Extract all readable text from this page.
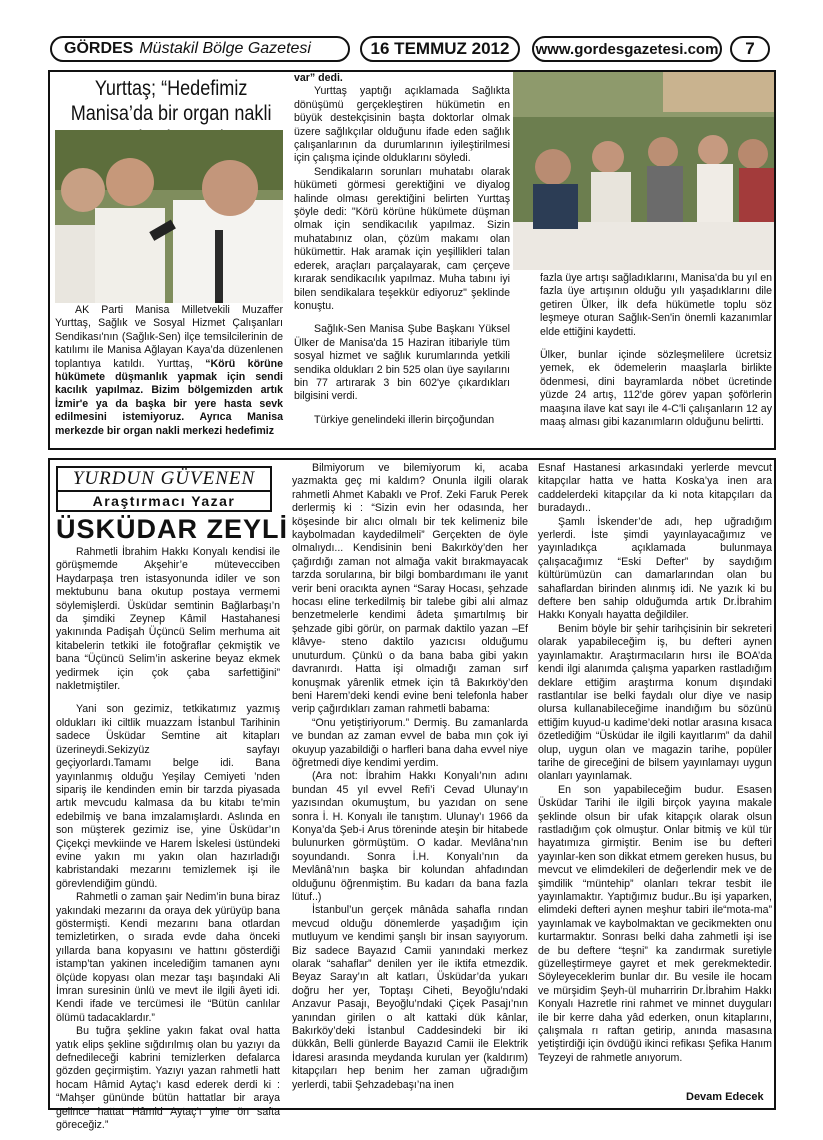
GÖRDES Müstakil Bölge Gazetesi	16 TEMMUZ 2012	www.gordesgazetesi.com	7
Yurttaş; “Hedefimiz Manisa’da bir organ nakli

AK Parti Manisa Milletvekili Muzaffer Yurttaş, Sağlık ve Sosyal Hizmet Çalışanları Sendikası'nın (Sağlık-Sen) ilçe temsilcilerinin de katılımı ile Manisa Ağlayan Kaya’da düzenlenen toplantıya katıldı. Yurttaş, “Körü körüne hükümete düşmanlık yapmak için sendi kacılık yapılmaz. Bizim bölgemizden artık İzmir'e ya da başka bir yere hasta sevk edilmesini istemiyoruz. Ayrıca Manisa merkezde bir organ nakli merkezi hedefimiz

var” dedi.

Yurttaş yaptığı açıklamada Sağlıkta dönüşümü gerçekleştiren hükümetin en büyük destekçisinin başta doktorlar olmak üzere sağlıkçılar olduğunu ifade eden sağlık çalışanlarının da durumlarının iyileştirilmesi için çalışma içinde olduklarını söyledi.

Sendikaların sorunları muhatabı olarak hükümeti görmesi gerektiğini ve diyalog halinde olması gerektiğini belirten Yurttaş şöyle dedi: "Körü körüne hükümete düşman olmak için sendikacılık yapılmaz. Sizin muhatabınız olan, çözüm makamı olan hükümettir. Hak aramak için yeşillikleri talan ederek, araçları parçalayarak, cam çerçeve kırarak sendikacılık yapılmaz. Muha tabını iyi bilen sendikalara teşekkür ediyoruz" şeklinde konuştu.

Sağlık-Sen Manisa Şube Başkanı Yüksel Ülker de Manisa'da 15 Haziran itibariyle tüm sosyal hizmet ve sağlık kurumlarında yetkili sendika oldukları 2 bin 525 olan üye sayılarını bin 77 artırarak 3 bin 602'ye çıkardıkları bilgisini verdi.

Türkiye genelindeki illerin birçoğundan

fazla üye artışı sağladıklarını, Manisa'da bu yıl en fazla üye artışının olduğu yılı yaşadıklarını dile getiren Ülker, İlk defa hükümetle toplu söz leşmeye oturan Sağlık-Sen'in önemli kazanımlar elde ettiğini kaydetti.

Ülker, bunlar içinde sözleşmelilere ücretsiz yemek, ek ödemelerin maaşlarla birlikte ödenmesi, dini bayramlarda nöbet ücretinde yüzde 24 artış, 112'de görev yapan şoförlerin maaşına ilave kat sayı ile 4-C'li çalışanların 12 ay maaş alması gibi kazanımların olduğunu belirtti.

YURDUN GÜVENEN
Araştırmacı Yazar
ÜSKÜDAR ZEYLİ

Rahmetli İbrahim Hakkı Konyalı kendisi ile görüşmemde Akşehir’e mütevecciben Haydarpaşa tren istasyonunda idiler ve son mektubunu bana okutup postaya vermemi söylemişlerdi. Üsküdar semtinin Bağlarbaşı’n da şimdiki Zeynep Kâmil Hastahanesi yakınında Padişah Üçüncü Selim merhuma ait kitabelerin tetkiki ile fotoğraflar çekmiştik ve bana “Üçüncü Selim’in askerine beyaz ekmek yedirmek için çok çaba sarfettiğini” nakletmiştiler.

Yani son gezimiz, tetkikatımız yazmış oldukları iki ciltlik muazzam İstanbul Tarihinin sadece Üsküdar Semtine ait kitapları üzerineydi.Sekizyüz sayfayı geçiyorlardı.Tamamı belge idi. Bana yayınlanmış olduğu Yeşilay Cemiyeti ’nden sipariş ile kendinden emin bir tarzda piyasada artık mevcudu kalmasa da bu kitabı te’min edebilmiş ve bana imzalamışlardı. Aslında en son müşterek gezimiz ise, yine Üsküdar’ın Çiçekçi mevkiinde ve Harem İskelesi üstündeki evine yakın mı yakın olan hazırladığı kabristandaki mezarını temizlemek işi ile görevlendiğim gündü.

Rahmetli o zaman şair Nedim’in buna biraz yakındaki mezarını da oraya dek yürüyüp bana göstermişti. Kendi mezarını bana otlardan temizletirken, o sırada evde daha önceki yıllarda bana kopyasını ve hattını gösterdiği istamp’tan yakinen incelediğim tamanen aynı ölçüde kopyası olan mezar taşı başındaki Ali İmran suresinin ünlü ve mevt ile ilgili âyeti idi. Kendi ifade ve tercümesi ile “Bütün canlılar ölümü tadacaklardır.”

Bu tuğra şekline yakın fakat oval hatta yatık elips şekline sığdırılmış olan bu yazıyı da defnedileceği kabrini temizlerken defalarca gözden geçirmiştim. Yazıyı yazan rahmetli hatt hocam Hâmid Aytaç’ı kasd ederek derdi ki : “Mahşer gününde bütün hattatlar bir araya gelince hattat Hâmid Aytaç’ı yine ön safta göreceğiz.”

Bilmiyorum ve bilemiyorum ki, acaba yazmakta geç mi kaldım? Onunla ilgili olarak rahmetli Ahmet Kabaklı ve Prof. Zeki Faruk Perek derlermiş ki : “Sizin evin her odasında, her köşesinde bir alıcı olmalı bir tek kelimeniz bile kaybolmadan kaydedilmeli” Gerçekten de öyle olmalıydı... Kendisinin beni Bakırköy’den her çağırdığı zaman not almağa vakit bırakmayacak tarzda sorularına, bir bilgi bombardımanı ile yanıt verir beni oracıkta aynen “Saray Hocası, şehzade hocası eline terkedilmiş bir talebe gibi alıi almaz benzetmelerle kendimi âdeta şımartılmış bir şehzade gibi görür, on parmak daktilo yazan –Ef klâvye- steno daktilo yazıcısı olduğumu unuturdum. Çünkü o da bana baba gibi yakın davranırdı. Hatta işi olmadığı zaman sırf konuşmak yârenlik etmek için tâ Bakırköy’den beni Harem’deki kendi evine beni telefonla haber verip çağırdıkları zaman rahmetli babama:

“Onu yetiştiriyorum.” Dermiş. Bu zamanlarda ve bundan az zaman evvel de baba mın çok iyi okuyup yazabildiği o harfleri bana daha evvel niye öğretmedi diye kendimi yerdim.

(Ara not: İbrahim Hakkı Konyalı’nın adını bundan 45 yıl evvel Refi’i Cevad Ulunay’ın yazısından okumuştum, bu yazıdan on sene sonra İ. H. Konyalı ile tanıştım. Ulunay’ı 1966 da Konya’da Şeb-i Arus töreninde ateşin bir hitabede bulunurken görmüştüm. O kadar. Mevlâna’nın soyundandı. Sonra İ.H. Konyalı’nın da Mevlânâ’nın başka bir kolundan ahfadından olduğunu öğrenmiştim. Bu kadarı da bana fazla lütuf..)

İstanbul’un gerçek mânâda sahafla rından mevcud olduğu dönemlerde yaşadığım için mutluyum ve kendimi şanşlı bir insan sayıyorum. Biz sadece Bayazıd Camii yanındaki merkez olarak “sahaflar” denilen yer ile iktifa etmezdik. Beyaz Saray’ın alt katları, Üsküdar’da yukarı doğru her yer, Toptaşı Ciheti, Beyoğlu’ndaki Anzavur Pasajı, Beyoğlu’ndaki Çiçek Pasajı’nın yanından girilen o alt kattaki dük kânlar, Bakırköy’deki İstanbul Caddesindeki bir iki dükkân, Belli günlerde Bayazıd Camii ile Elektrik İdaresi arasında meydanda kurulan yer (kaldırım) kitapçıları hep benim her zaman uğradığım yerlerdi, tabii Şehzadebaşı’na inen

Esnaf Hastanesi arkasındaki yerlerde mevcut kitapçılar hatta ve hatta Koska’ya inen ara caddelerdeki kitapçılar da ki nota kitapçıları da buradaydı..

Şamlı İskender’de adı, hep uğradığım yerlerdi. İste şimdi yayınlayacağımız ve yayınladıkça açıklamada bulunmaya çalışacağımız “Eski Defter” by saydığım kültürümüzün can damarlarından olan bu sahaflardan birinden alınmış idi. Ne yazık ki bu deftere ben sahip olduğumda artık Dr.İbrahim Hakkı Konyalı hayatta değildiler.

Benim böyle bir şehir tarihçisinin bir sekreteri olarak yapabileceğim iş, bu defteri aynen yayınlamaktır. Araştırmacıların hırsı ile BOA’da kendi ilgi alanımda çalışma yaparken rastladığım deklare ettiğim araştırma konum dışındaki rastlantılar ise belki faydalı olur diye ve nasip olursa kullanabileceğime inandığım bu sözünü ettiğim kuyud-u kadime’deki notlar arasına kısaca özetlediğim “Üsküdar ile ilgili kayıtlarım” da dahil olup, uygun olan ve magazin tarihe, popüler tarihe de gireceğini de bilsem yayınlamayı uygun olanları yayınlamak.

En son yapabileceğim budur. Esasen Üsküdar Tarihi ile ilgili birçok yayına makale şeklinde olsun bir ufak kitapçık olarak olsun rastladığım çok olmuştur. Onlar bitmiş ve kül tür hayatımıza girmiştir. Benim ise bu defteri yayınlar-ken son dikkat etmem gereken husus, bu mevcut ve elimdekileri de değerlendir mek ve de şimdilik “müntehip” olanları tekrar tesbit ile yayınlamaktır. Yaptığımız budur..Bu işi yaparken, elimdeki defteri aynen meşhur tabiri ile“mota-ma” yayınlamak ve kaybolmaktan ve gecikmekten onu kurtarmaktır. Sonrası belki daha zahmetli işi ise de bu deftere “teşni” ka zandırmak suretiyle güzelleştirmeye gayret et mek gerekmektedir. Söyleyeceklerim bunlar dır. Bu vesile ile hocam ve mürşidim Şeyh-ül muharririn Dr.İbrahim Hakkı Konyalı Hazretle rini rahmet ve minnet duyguları ile bir kerre daha yâd ederken, onun kitaplarını, çalışmala rı raftan getirip, anında masasına yetiştirdiği için övdüğü ikinci refikası Şefika Hanım Teyzeyi de rahmetle anıyorum.

Devam Edecek
